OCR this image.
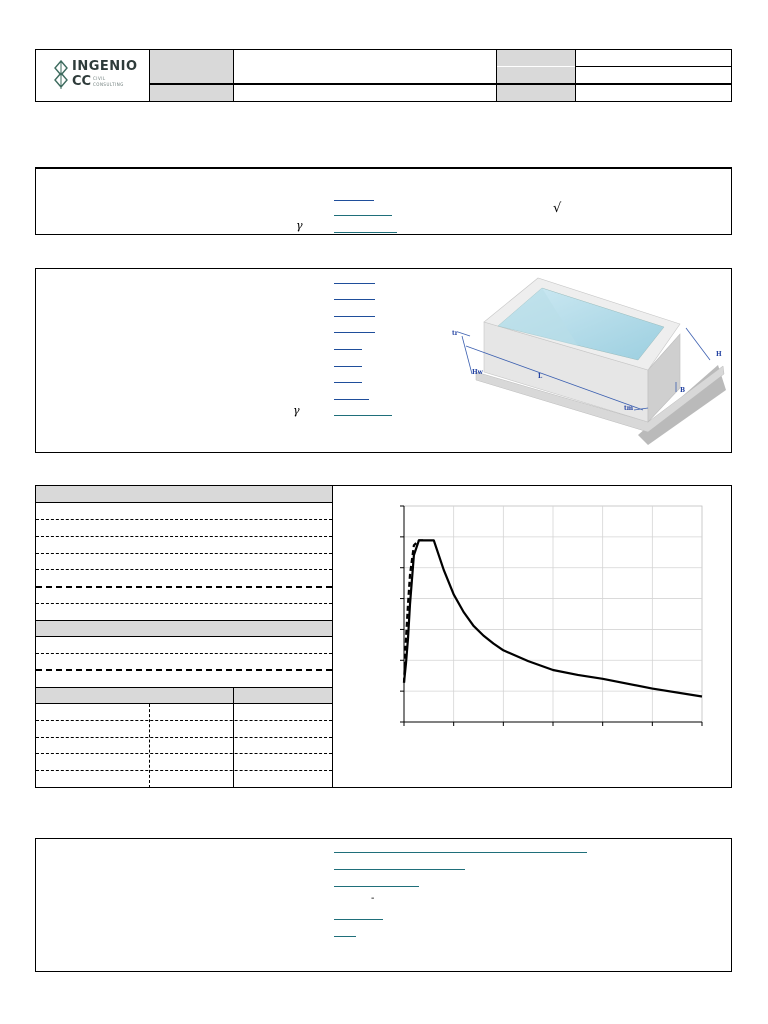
INGENIO
CC CIVIL
CONSULTING
γ
√
γ
tr
Hw
L
tm
B
H
-
